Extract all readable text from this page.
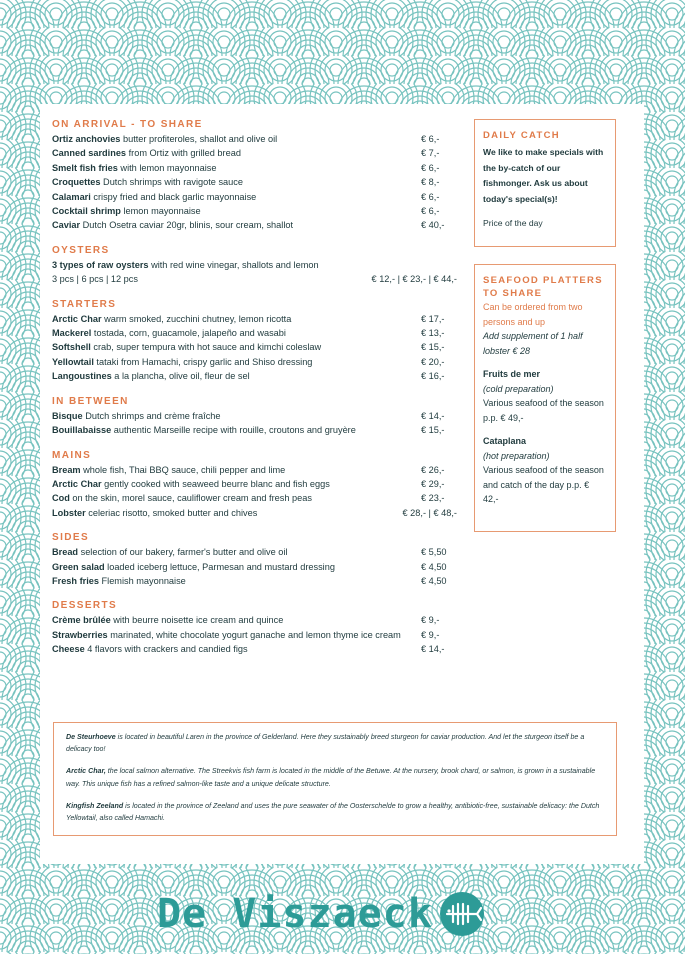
ON ARRIVAL - TO SHARE
Ortiz anchovies butter profiteroles, shallot and olive oil	€ 6,-
Canned sardines from Ortiz with grilled bread	€ 7,-
Smelt fish fries with lemon mayonnaise	€ 6,-
Croquettes Dutch shrimps with ravigote sauce	€ 8,-
Calamari crispy fried and black garlic mayonnaise	€ 6,-
Cocktail shrimp lemon mayonnaise	€ 6,-
Caviar Dutch Osetra caviar 20gr, blinis, sour cream, shallot	€ 40,-
OYSTERS
3 types of raw oysters with red wine vinegar, shallots and lemon
3 pcs | 6 pcs | 12 pcs	€ 12,- | € 23,- | € 44,-
STARTERS
Arctic Char warm smoked, zucchini chutney, lemon ricotta	€ 17,-
Mackerel tostada, corn, guacamole, jalapeño and wasabi	€ 13,-
Softshell crab, super tempura with hot sauce and kimchi coleslaw	€ 15,-
Yellowtail tataki from Hamachi, crispy garlic and Shiso dressing	€ 20,-
Langoustines a la plancha, olive oil, fleur de sel	€ 16,-
IN BETWEEN
Bisque Dutch shrimps and crème fraîche	€ 14,-
Bouillabaisse authentic Marseille recipe with rouille, croutons and gruyère	€ 15,-
MAINS
Bream whole fish, Thai BBQ sauce, chili pepper and lime	€ 26,-
Arctic Char gently cooked with seaweed beurre blanc and fish eggs	€ 29,-
Cod on the skin, morel sauce, cauliflower cream and fresh peas	€ 23,-
Lobster celeriac risotto, smoked butter and chives	€ 28,- | € 48,-
SIDES
Bread selection of our bakery, farmer's butter and olive oil	€ 5,50
Green salad loaded iceberg lettuce, Parmesan and mustard dressing	€ 4,50
Fresh fries Flemish mayonnaise	€ 4,50
DESSERTS
Crème brûlée with beurre noisette ice cream and quince	€ 9,-
Strawberries marinated, white chocolate yogurt ganache and lemon thyme ice cream	€ 9,-
Cheese 4 flavors with crackers and candied figs	€ 14,-
DAILY CATCH
We like to make specials with the by-catch of our fishmonger. Ask us about today's special(s)!
Price of the day
SEAFOOD PLATTERS TO SHARE
Can be ordered from two persons and up
Add supplement of 1 half lobster € 28
Fruits de mer
(cold preparation)
Various seafood of the season p.p. € 49,-
Cataplana
(hot preparation)
Various seafood of the season and catch of the day p.p. € 42,-

De Steurhoeve is located in beautiful Laren in the province of Gelderland. Here they sustainably breed sturgeon for caviar production. And let the sturgeon itself be a delicacy too!

Arctic Char, the local salmon alternative. The Streekvis fish farm is located in the middle of the Betuwe. At the nursery, brook chard, or salmon, is grown in a sustainable way. This unique fish has a refined salmon-like taste and a unique delicate structure.

Kingfish Zeeland is located in the province of Zeeland and uses the pure seawater of the Oosterschelde to grow a healthy, antibiotic-free, sustainable delicacy: the Dutch Yellowtail, also called Hamachi.

De Viszaeck
